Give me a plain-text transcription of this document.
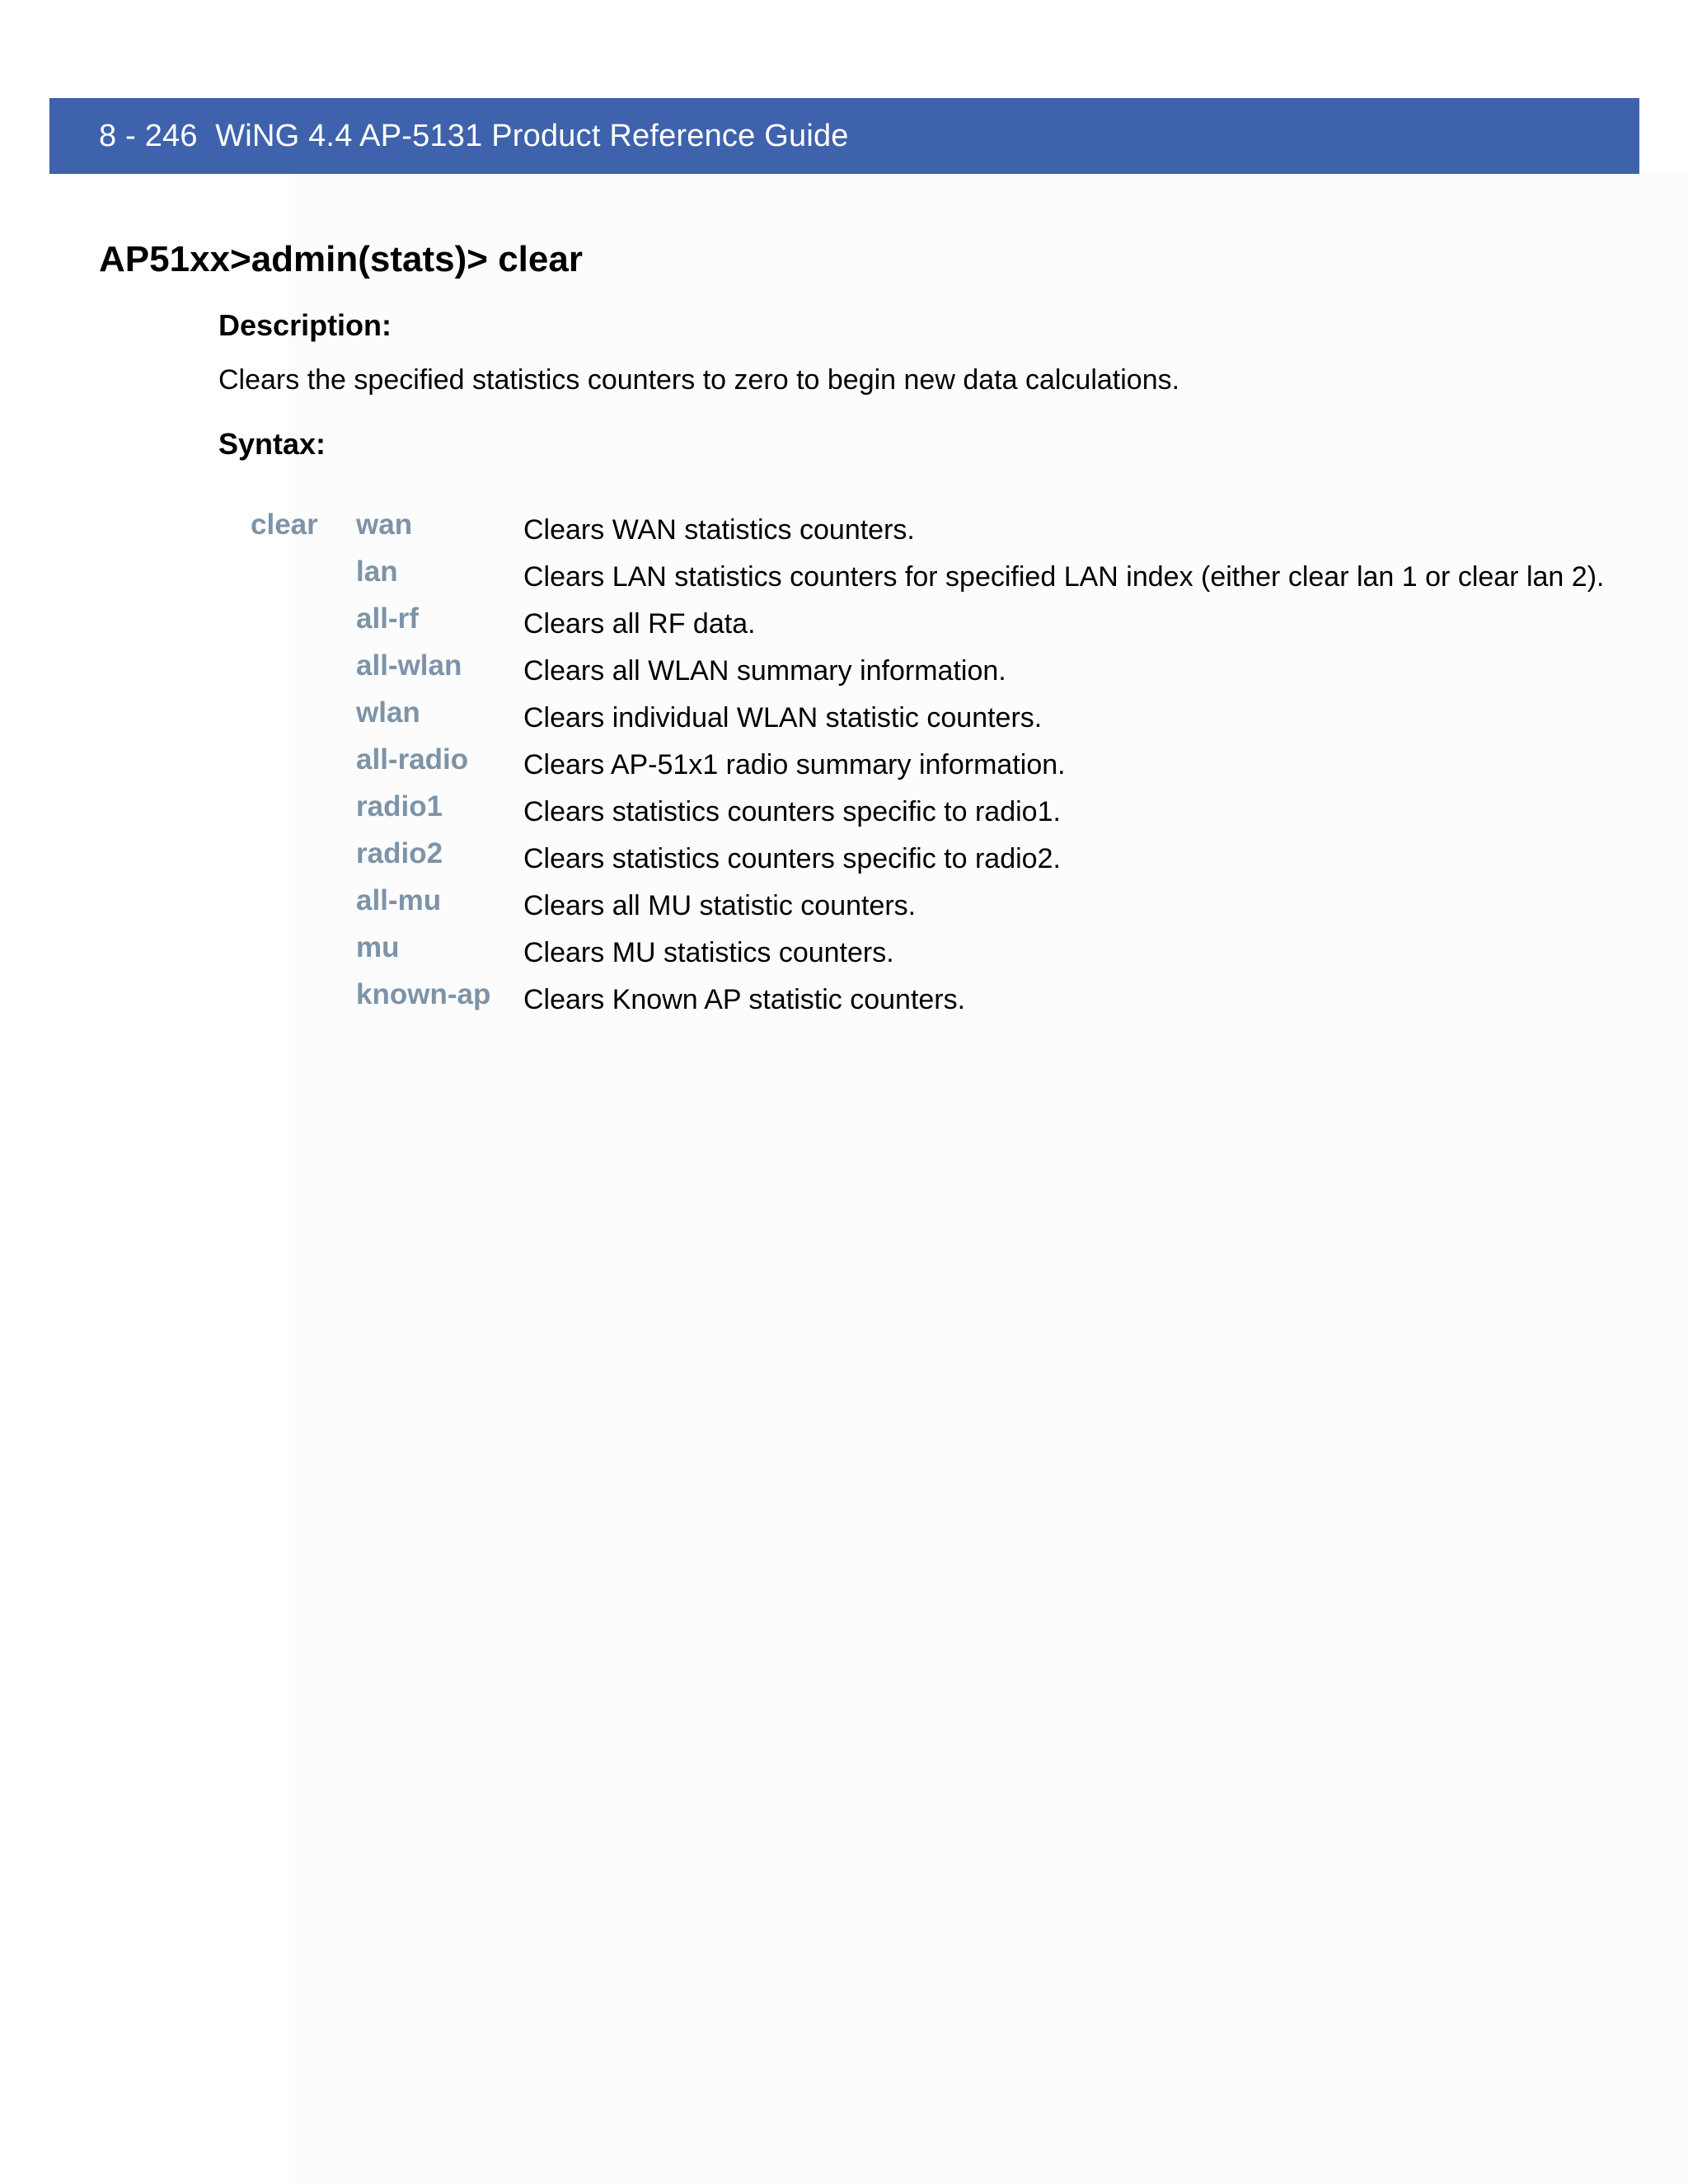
8 - 246 WiNG 4.4 AP-5131 Product Reference Guide
AP51xx>admin(stats)> clear
Description:
Clears the specified statistics counters to zero to begin new data calculations.
Syntax:
clear wan	Clears WAN statistics counters.
lan	Clears LAN statistics counters for specified LAN index (either clear lan 1 or clear lan 2).
all-rf	Clears all RF data.
all-wlan Clears all WLAN summary information.
wlan	Clears individual WLAN statistic counters.
all-radio Clears AP-51x1 radio summary information.
radio1	Clears statistics counters specific to radio1.
radio2	Clears statistics counters specific to radio2.
all-mu	Clears all MU statistic counters.
mu	Clears MU statistics counters.
known-ap Clears Known AP statistic counters.
